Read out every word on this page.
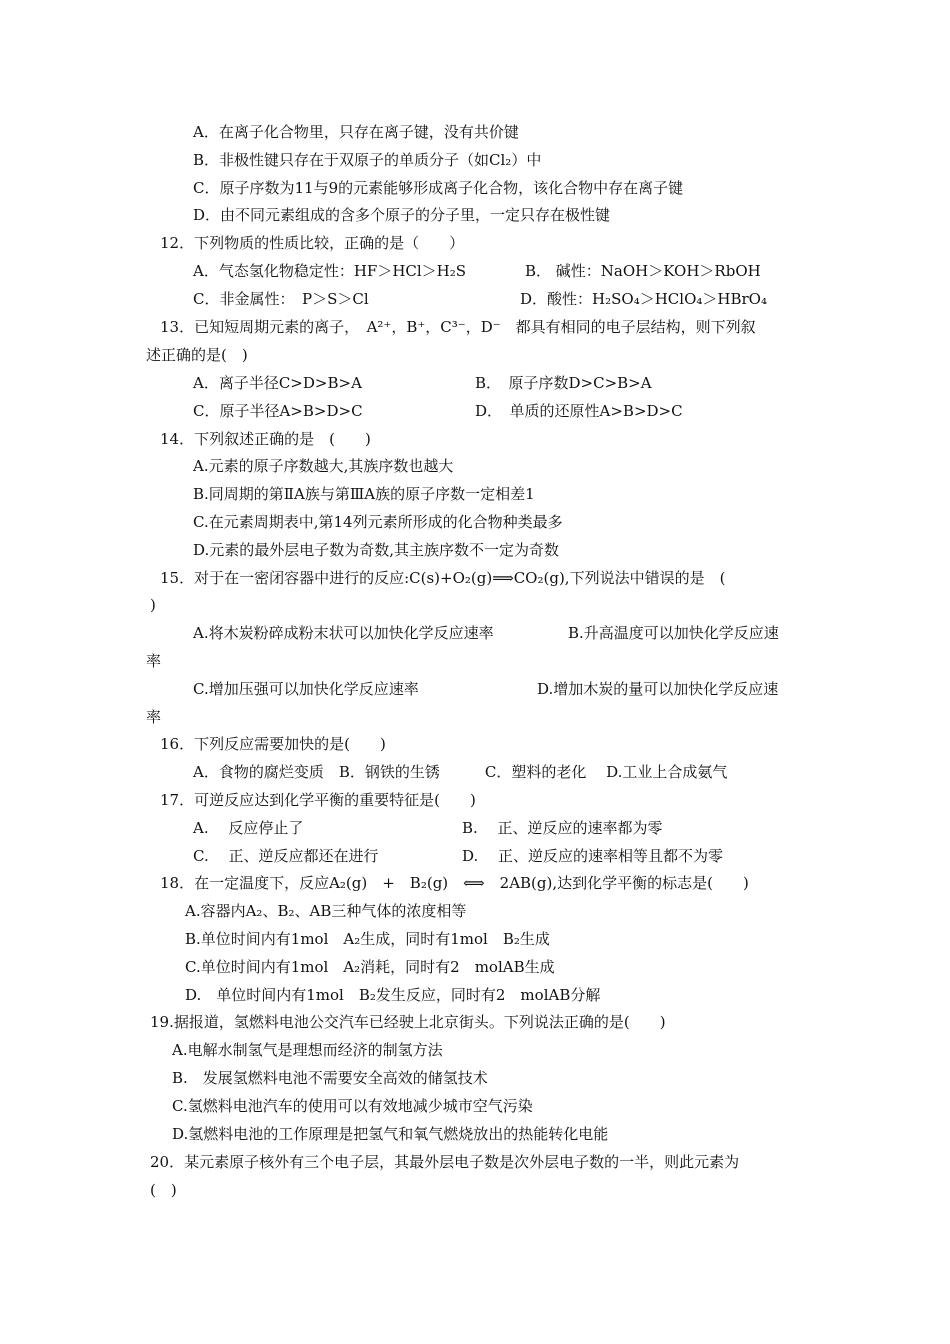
A．在离子化合物里，只存在离子键，没有共价键
B．非极性键只存在于双原子的单质分子（如Cl₂）中
C．原子序数为11与9的元素能够形成离子化合物，该化合物中存在离子键
D．由不同元素组成的含多个原子的分子里，一定只存在极性键
12．下列物质的性质比较，正确的是（　　）
A．气态氢化物稳定性：HF＞HCl＞H₂S	B． 碱性：NaOH＞KOH＞RbOH
C．非金属性：　P＞S＞Cl	D．酸性：H₂SO₄＞HClO₄＞HBrO₄
13．已知短周期元素的离子，　A²⁺，B⁺，C³⁻，D⁻　都具有相同的电子层结构，则下列叙
述正确的是(　)
A．离子半径C>D>B>A	B．　原子序数D>C>B>A
C．原子半径A>B>D>C	D．　单质的还原性A>B>D>C
14．下列叙述正确的是　(　　)
A.元素的原子序数越大,其族序数也越大
B.同周期的第ⅡA族与第ⅢA族的原子序数一定相差1
C.在元素周期表中,第14列元素所形成的化合物种类最多
D.元素的最外层电子数为奇数,其主族序数不一定为奇数
15．对于在一密闭容器中进行的反应:C(s)+O₂(g)⟹CO₂(g),下列说法中错误的是　(
)
A.将木炭粉碎成粉末状可以加快化学反应速率	B.升高温度可以加快化学反应速
率
C.增加压强可以加快化学反应速率	D.增加木炭的量可以加快化学反应速
率
16．下列反应需要加快的是(　　)
A．食物的腐烂变质　B．钢铁的生锈　　　C．塑料的老化　 D.工业上合成氨气
17．可逆反应达到化学平衡的重要特征是(　　)
A.　 反应停止了	B.　 正、逆反应的速率都为零
C.　 正、逆反应都还在进行	D.　 正、逆反应的速率相等且都不为零
18．在一定温度下，反应A₂(g)　+　B₂(g)　⟺　2AB(g),达到化学平衡的标志是(　　)
A.容器内A₂、B₂、AB三种气体的浓度相等
B.单位时间内有1mol　A₂生成，同时有1mol　B₂生成
C.单位时间内有1mol　A₂消耗，同时有2　molAB生成
D.　单位时间内有1mol　B₂发生反应，同时有2　molAB分解
19.据报道，氢燃料电池公交汽车已经驶上北京街头。下列说法正确的是(　　)
A.电解水制氢气是理想而经济的制氢方法
B.　发展氢燃料电池不需要安全高效的储氢技术
C.氢燃料电池汽车的使用可以有效地减少城市空气污染
D.氢燃料电池的工作原理是把氢气和氧气燃烧放出的热能转化电能
20．某元素原子核外有三个电子层，其最外层电子数是次外层电子数的一半，则此元素为
(　)
